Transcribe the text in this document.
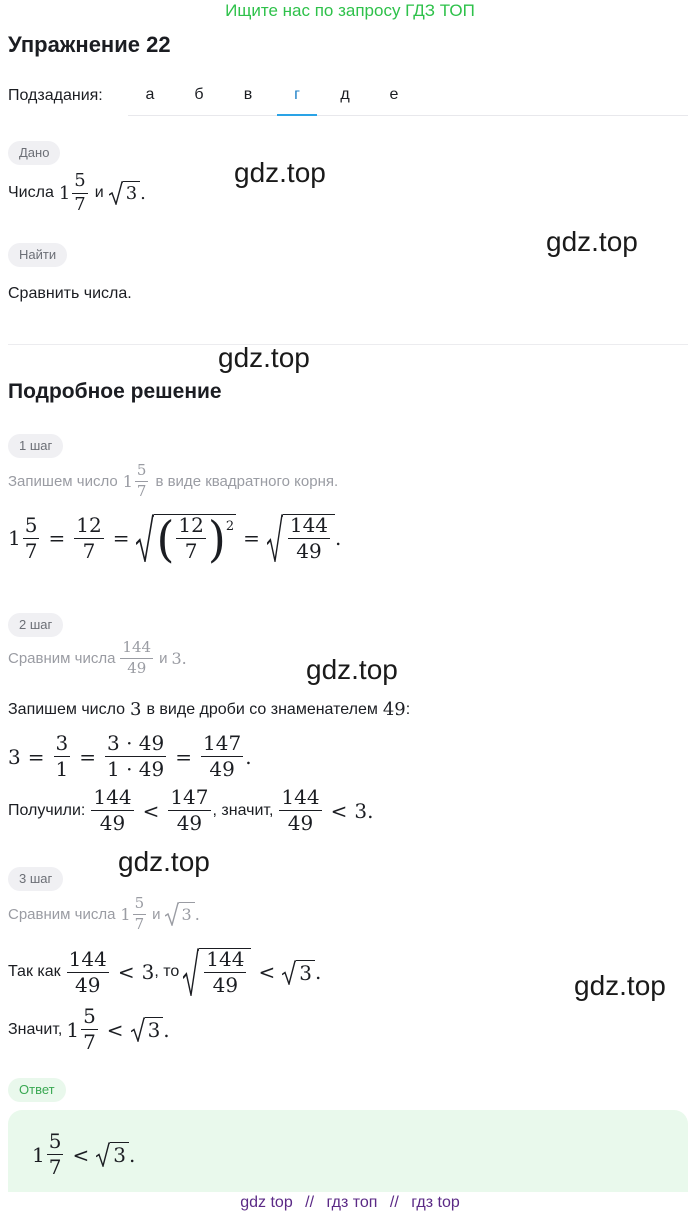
Ищите нас по запросу ГДЗ ТОП
Упражнение 22
Подзадания:	а	б	в	г	д	е
Дано
Числа $1 \frac{5}{7}$ и 3 .
Найти
Сравнить числа.
Подробное решение
1 шаг
Запишем число $1 \frac{5}{7}$ в виде квадратного корня.
$1 \frac{5}{7} = \frac{12}{7}$ = ( $\frac{12}{7} )^2 = \frac{144}{49}$ .
2 шаг
Сравним числа $\frac{144}{49}$ и 3.
Запишем число 3 в виде дроби со знаменателем 49 :
$3 = \frac{3}{1} = \frac{3 \cdot 49}{1 \cdot 49} = \frac{147}{49}$ .
Получили: $\frac{144}{49} < \frac{147}{49}$ , значит, $\frac{144}{49} < 3$.
3 шаг
Сравним числа $1 \frac{5}{7}$ и 3 .
Так как $\frac{144}{49} < 3$ , то $\frac{144}{49} < 3$ .
Значит, $1 \frac{5}{7} < 3$ .
Ответ
$1 \frac{5}{7} < 3$ .
gdz.top
gdz.top
gdz.top
gdz.top
gdz.top
gdz.top
gdz top // гдз топ // гдз top
